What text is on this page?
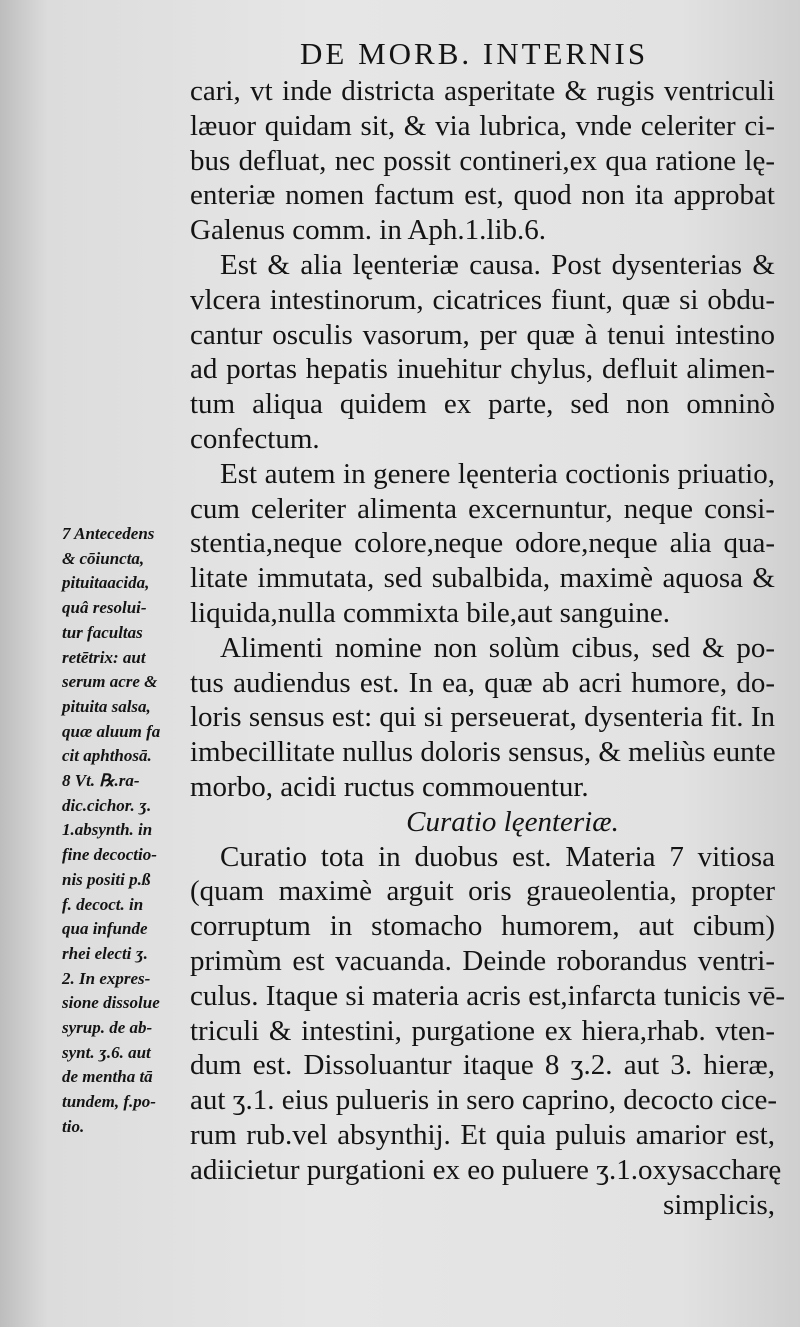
DE MORB. INTERNIS
cari, vt inde districta asperitate & rugis ventriculi
læuor quidam sit, & via lubrica, vnde celeriter ci-
bus defluat, nec possit contineri,ex qua ratione lę-
enteriæ nomen factum est, quod non ita approbat
Galenus comm. in Aph.1.lib.6.
Est & alia lęenteriæ causa. Post dysenterias &
vlcera intestinorum, cicatrices fiunt, quæ si obdu-
cantur osculis vasorum, per quæ à tenui intestino
ad portas hepatis inuehitur chylus, defluit alimen-
tum aliqua quidem ex parte, sed non omninò
confectum.
Est autem in genere lęenteria coctionis priuatio,
cum celeriter alimenta excernuntur, neque consi-
stentia,neque colore,neque odore,neque alia qua-
litate immutata, sed subalbida, maximè aquosa &
liquida,nulla commixta bile,aut sanguine.
Alimenti nomine non solùm cibus, sed & po-
tus audiendus est. In ea, quæ ab acri humore, do-
loris sensus est: qui si perseuerat, dysenteria fit. In
imbecillitate nullus doloris sensus, & meliùs eunte
morbo, acidi ructus commouentur.
Curatio lęenteriæ.
Curatio tota in duobus est. Materia 7 vitiosa
(quam maximè arguit oris graueolentia, propter
corruptum in stomacho humorem, aut cibum)
primùm est vacuanda. Deinde roborandus ventri-
culus. Itaque si materia acris est,infarcta tunicis vē-
triculi & intestini, purgatione ex hiera,rhab. vten-
dum est. Dissoluantur itaque 8 ʒ.2. aut 3. hieræ,
aut ʒ.1. eius pulueris in sero caprino, decocto cice-
rum rub.vel absynthij. Et quia puluis amarior est,
adiicietur purgationi ex eo puluere ʒ.1.oxysaccharę
simplicis,
7 Antecedens
& cōiuncta,
pituitaacida,
quâ resolui-
tur facultas
retētrix: aut
serum acre &
pituita salsa,
quæ aluum fa
cit aphthosā.
8 Vt. ℞.ra-
dic.cichor. ʒ.
1.absynth. in
fine decoctio-
nis positi p.ß
f. decoct. in
qua infunde
rhei electi ʒ.
2. In expres-
sione dissolue
syrup. de ab-
synt. ʒ.6. aut
de mentha tā
tundem, f.po-
tio.
